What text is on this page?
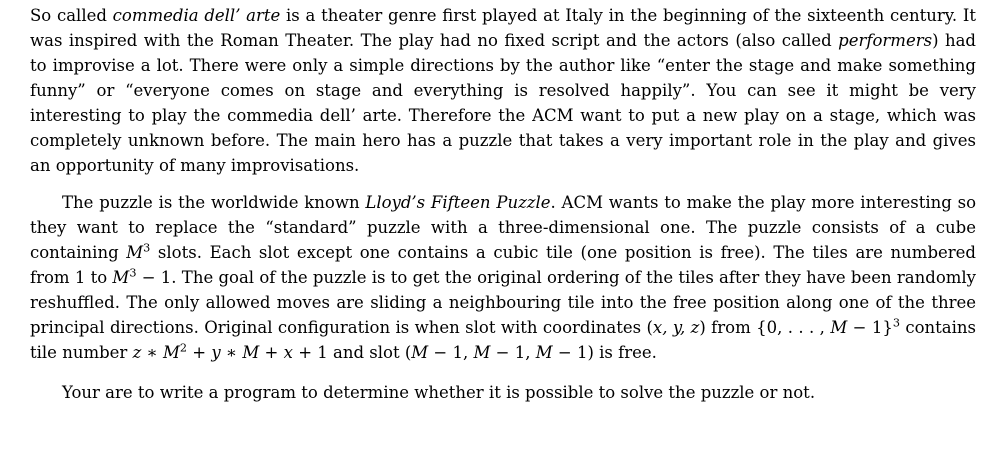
So called commedia dell’ arte is a theater genre first played at Italy in the beginning of the sixteenth century. It was inspired with the Roman Theater. The play had no fixed script and the actors (also called performers) had to improvise a lot. There were only a simple directions by the author like “enter the stage and make something funny” or “everyone comes on stage and everything is resolved happily”. You can see it might be very interesting to play the commedia dell’ arte. Therefore the ACM want to put a new play on a stage, which was completely unknown before. The main hero has a puzzle that takes a very important role in the play and gives an opportunity of many improvisations.

The puzzle is the worldwide known Lloyd’s Fifteen Puzzle. ACM wants to make the play more interesting so they want to replace the “standard” puzzle with a three-dimensional one. The puzzle consists of a cube containing $M^3$ slots. Each slot except one contains a cubic tile (one position is free). The tiles are numbered from 1 to $M^3 - 1$. The goal of the puzzle is to get the original ordering of the tiles after they have been randomly reshuffled. The only allowed moves are sliding a neighbouring tile into the free position along one of the three principal directions. Original configuration is when slot with coordinates (x, y, z) from {0, . . . , M − 1}$^3$ contains tile number z ∗ $M^2 + y$ ∗ M + x + 1 and slot (M − 1, M − 1, M − 1) is free.

Your are to write a program to determine whether it is possible to solve the puzzle or not.
